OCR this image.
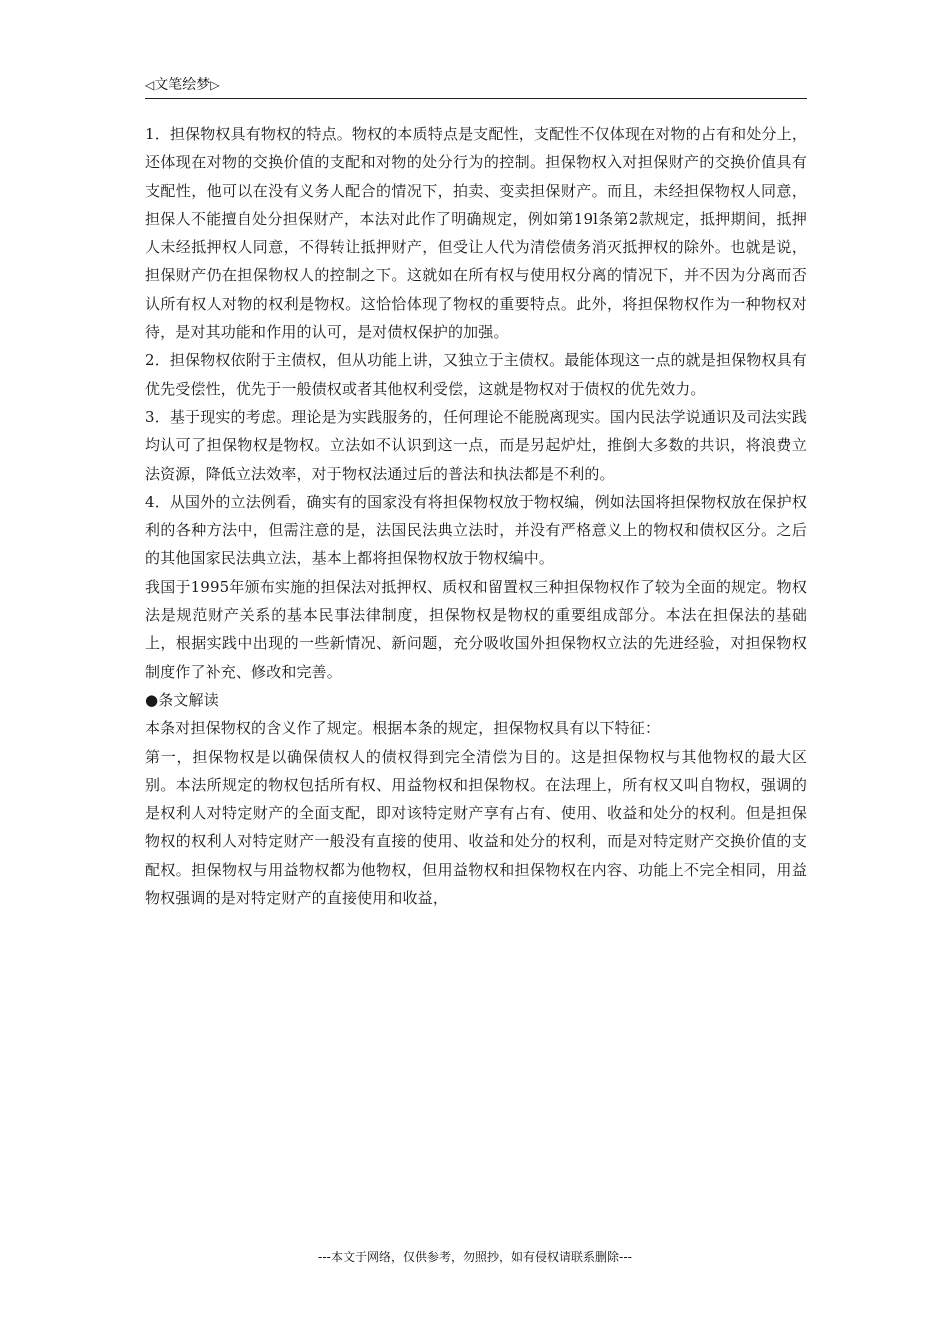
◁文笔绘梦▷

1．担保物权具有物权的特点。物权的本质特点是支配性，支配性不仅体现在对物的占有和处分上，还体现在对物的交换价值的支配和对物的处分行为的控制。担保物权入对担保财产的交换价值具有支配性，他可以在没有义务人配合的情况下，拍卖、变卖担保财产。而且，未经担保物权人同意，担保人不能擅自处分担保财产，本法对此作了明确规定，例如第19l条第2款规定，抵押期间，抵押人未经抵押权人同意，不得转让抵押财产，但受让人代为清偿债务消灭抵押权的除外。也就是说，担保财产仍在担保物权人的控制之下。这就如在所有权与使用权分离的情况下，并不因为分离而否认所有权人对物的权利是物权。这恰恰体现了物权的重要特点。此外，将担保物权作为一种物权对待，是对其功能和作用的认可，是对债权保护的加强。

2．担保物权依附于主债权，但从功能上讲，又独立于主债权。最能体现这一点的就是担保物权具有优先受偿性，优先于一般债权或者其他权利受偿，这就是物权对于债权的优先效力。

3．基于现实的考虑。理论是为实践服务的，任何理论不能脱离现实。国内民法学说通识及司法实践均认可了担保物权是物权。立法如不认识到这一点，而是另起炉灶，推倒大多数的共识，将浪费立法资源，降低立法效率，对于物权法通过后的普法和执法都是不利的。

4．从国外的立法例看，确实有的国家没有将担保物权放于物权编，例如法国将担保物权放在保护权利的各种方法中，但需注意的是，法国民法典立法时，并没有严格意义上的物权和债权区分。之后的其他国家民法典立法，基本上都将担保物权放于物权编中。

我国于1995年颁布实施的担保法对抵押权、质权和留置权三种担保物权作了较为全面的规定。物权法是规范财产关系的基本民事法律制度，担保物权是物权的重要组成部分。本法在担保法的基础上，根据实践中出现的一些新情况、新问题，充分吸收国外担保物权立法的先进经验，对担保物权制度作了补充、修改和完善。

●条文解读

本条对担保物权的含义作了规定。根据本条的规定，担保物权具有以下特征：

第一，担保物权是以确保债权人的债权得到完全清偿为目的。这是担保物权与其他物权的最大区别。本法所规定的物权包括所有权、用益物权和担保物权。在法理上，所有权又叫自物权，强调的是权利人对特定财产的全面支配，即对该特定财产享有占有、使用、收益和处分的权利。但是担保物权的权利人对特定财产一般没有直接的使用、收益和处分的权利，而是对特定财产交换价值的支配权。担保物权与用益物权都为他物权，但用益物权和担保物权在内容、功能上不完全相同，用益物权强调的是对特定财产的直接使用和收益，

---本文于网络，仅供参考，勿照抄，如有侵权请联系删除---
